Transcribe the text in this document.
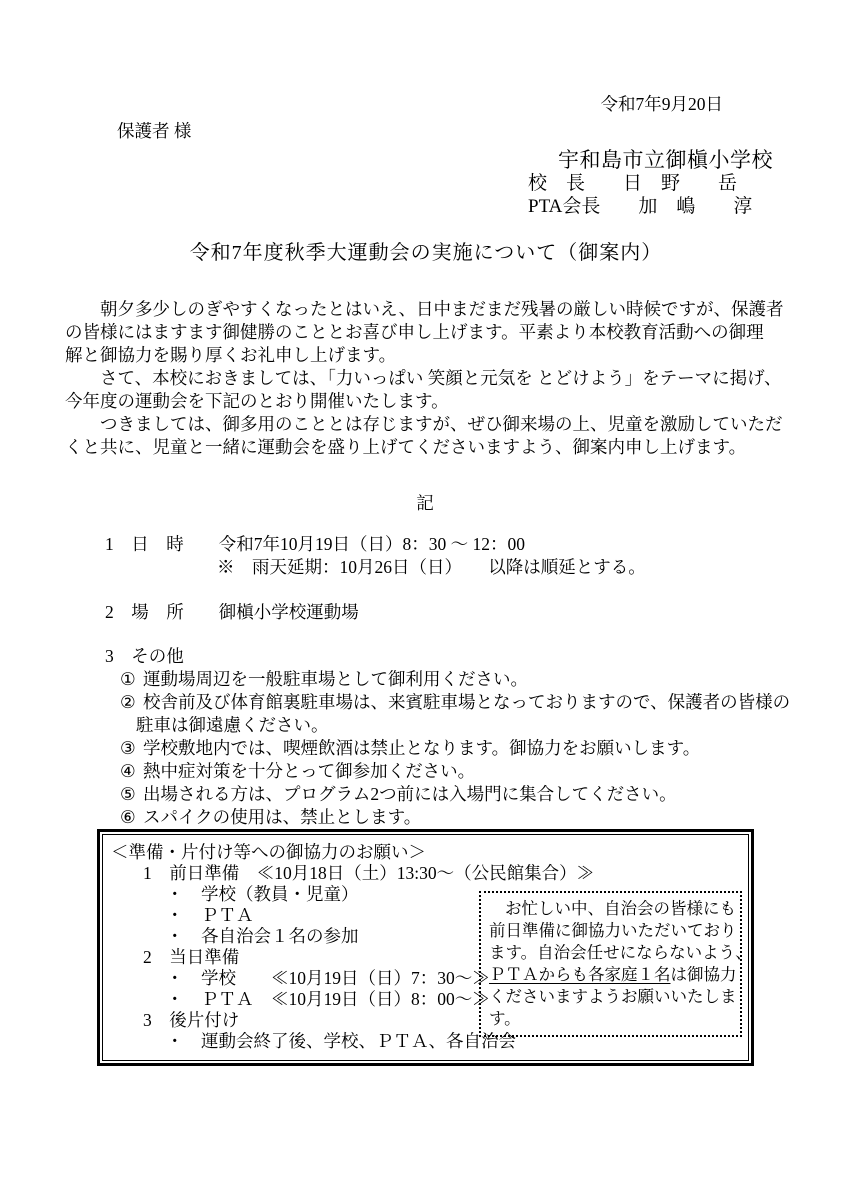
令和7年9月20日
保護者 様
宇和島市立御槇小学校
校　長　　日　野　　岳
PTA会長　　加　嶋　　淳
令和7年度秋季大運動会の実施について（御案内）
朝夕多少しのぎやすくなったとはいえ、日中まだまだ残暑の厳しい時候ですが、保護者
の皆様にはますます御健勝のこととお喜び申し上げます。平素より本校教育活動への御理
解と御協力を賜り厚くお礼申し上げます。
さて、本校におきましては、「力いっぱい 笑顔と元気を とどけよう」をテーマに掲げ、
今年度の運動会を下記のとおり開催いたします。
つきましては、御多用のこととは存じますが、ぜひ御来場の上、児童を激励していただ
くと共に、児童と一緒に運動会を盛り上げてくださいますよう、御案内申し上げます。
記
1　日　時　　令和7年10月19日（日）8：30 ～ 12：00
※　雨天延期：10月26日（日）　　以降は順延とする。
2　場　所　　御槇小学校運動場
3　その他
① 運動場周辺を一般駐車場として御利用ください。
② 校舎前及び体育館裏駐車場は、来賓駐車場となっておりますので、保護者の皆様の
駐車は御遠慮ください。
③ 学校敷地内では、喫煙飲酒は禁止となります。御協力をお願いします。
④ 熱中症対策を十分とって御参加ください。
⑤ 出場される方は、プログラム2つ前には入場門に集合してください。
⑥ スパイクの使用は、禁止とします。
＜準備・片付け等への御協力のお願い＞
1　前日準備　≪10月18日（土）13:30～（公民館集合）≫
・　学校（教員・児童）
・　ＰＴＡ
・　各自治会１名の参加
2　当日準備
・　学校　　≪10月19日（日）7：30～≫
・　ＰＴＡ　≪10月19日（日）8：00～≫
3　後片付け
・　運動会終了後、学校、ＰＴＡ、各自治会
お忙しい中、自治会の皆様にも
前日準備に御協力いただいており
ます。自治会任せにならないよう、
ＰＴＡからも各家庭１名は御協力
くださいますようお願いいたしま
す。
